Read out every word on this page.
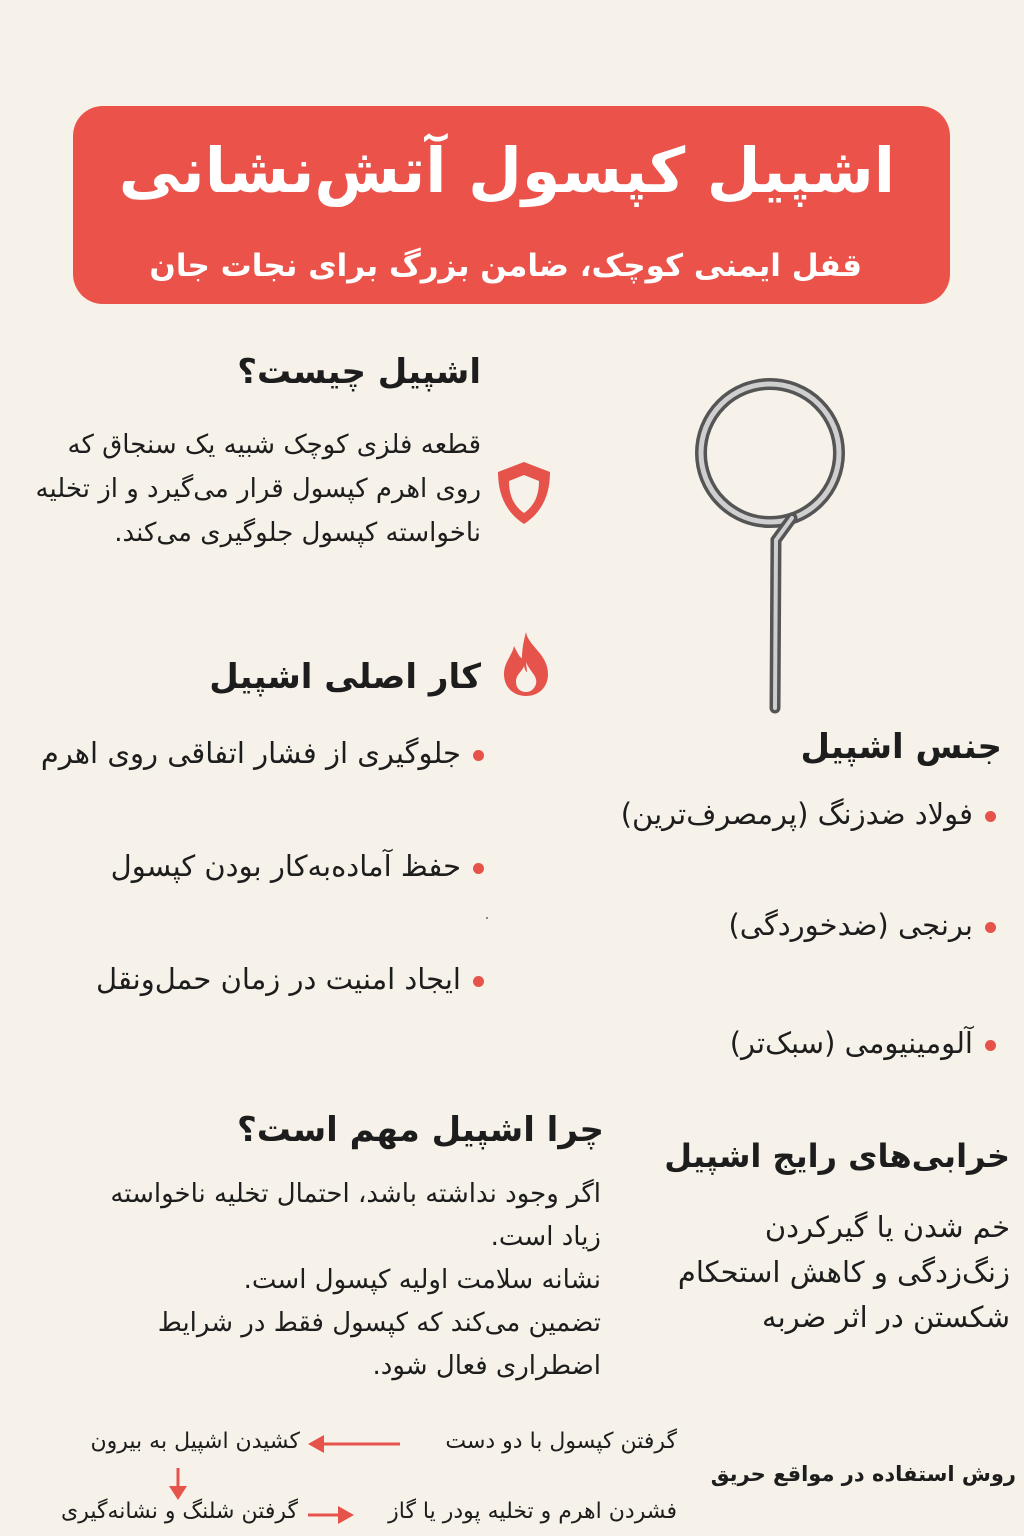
اشپیل کپسول آتش‌نشانی
قفل ایمنی کوچک، ضامن بزرگ برای نجات جان
اشپیل چیست؟
قطعه فلزی کوچک شبیه یک سنجاق که
روی اهرم کپسول قرار می‌گیرد و از تخلیه
ناخواسته کپسول جلوگیری می‌کند.
کار اصلی اشپیل
جلوگیری از فشار اتفاقی روی اهرم
حفظ آماده‌به‌کار بودن کپسول
ایجاد امنیت در زمان حمل‌ونقل
جنس اشپیل
فولاد ضدزنگ (پرمصرف‌ترین)
برنجی (ضدخوردگی)
آلومینیومی (سبک‌تر)
چرا اشپیل مهم است؟
اگر وجود نداشته باشد، احتمال تخلیه ناخواسته
زیاد است.
نشانه سلامت اولیه کپسول است.
تضمین می‌کند که کپسول فقط در شرایط
اضطراری فعال شود.
خرابی‌های رایج اشپیل
خم شدن یا گیرکردن
زنگ‌زدگی و کاهش استحکام
شکستن در اثر ضربه
روش استفاده در مواقع حریق
گرفتن کپسول با دو دست
کشیدن اشپیل به بیرون
گرفتن شلنگ و نشانه‌گیری	فشردن اهرم و تخلیه پودر یا گاز
